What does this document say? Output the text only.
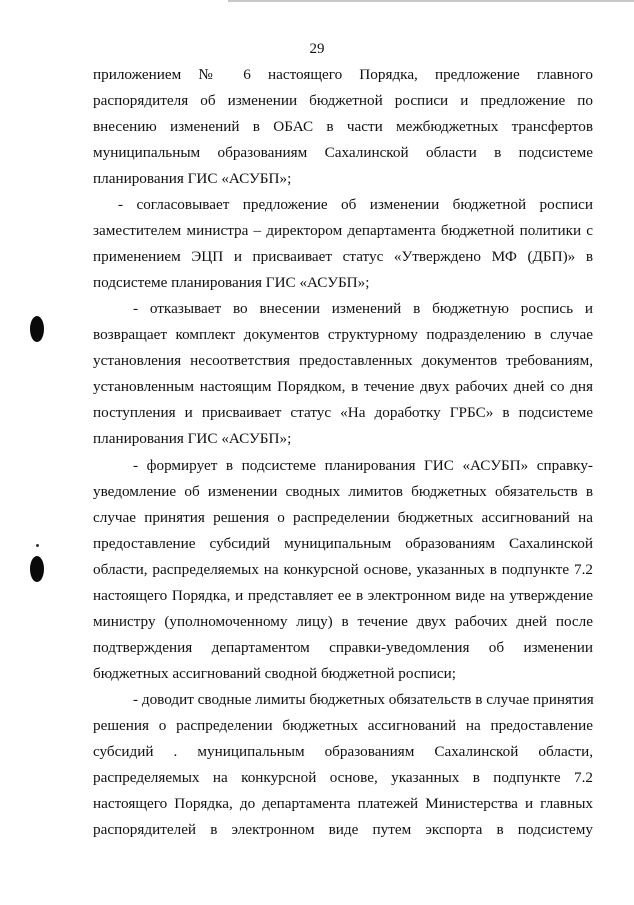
29
приложением № 6 настоящего Порядка, предложение главного
распорядителя об изменении бюджетной росписи и предложение по
внесению изменений в ОБАС в части межбюджетных трансфертов
муниципальным образованиям Сахалинской области в подсистеме
планирования ГИС «АСУБП»;
- согласовывает предложение об изменении бюджетной росписи
заместителем министра – директором департамента бюджетной политики с
применением ЭЦП и присваивает статус «Утверждено МФ (ДБП)» в
подсистеме планирования ГИС «АСУБП»;
- отказывает во внесении изменений в бюджетную роспись и
возвращает комплект документов структурному подразделению в случае
установления несоответствия предоставленных документов требованиям,
установленным настоящим Порядком, в течение двух рабочих дней со дня
поступления и присваивает статус «На доработку ГРБС» в подсистеме
планирования ГИС «АСУБП»;
- формирует в подсистеме планирования ГИС «АСУБП» справку-
уведомление об изменении сводных лимитов бюджетных обязательств в
случае принятия решения о распределении бюджетных ассигнований на
предоставление субсидий муниципальным образованиям Сахалинской
области, распределяемых на конкурсной основе, указанных в подпункте 7.2
настоящего Порядка, и представляет ее в электронном виде на утверждение
министру (уполномоченному лицу) в течение двух рабочих дней после
подтверждения департаментом справки-уведомления об изменении
бюджетных ассигнований сводной бюджетной росписи;
- доводит сводные лимиты бюджетных обязательств в случае принятия
решения о распределении бюджетных ассигнований на предоставление
субсидий . муниципальным образованиям Сахалинской области,
распределяемых на конкурсной основе, указанных в подпункте 7.2
настоящего Порядка, до департамента платежей Министерства и главных
распорядителей в электронном виде путем экспорта в подсистему
